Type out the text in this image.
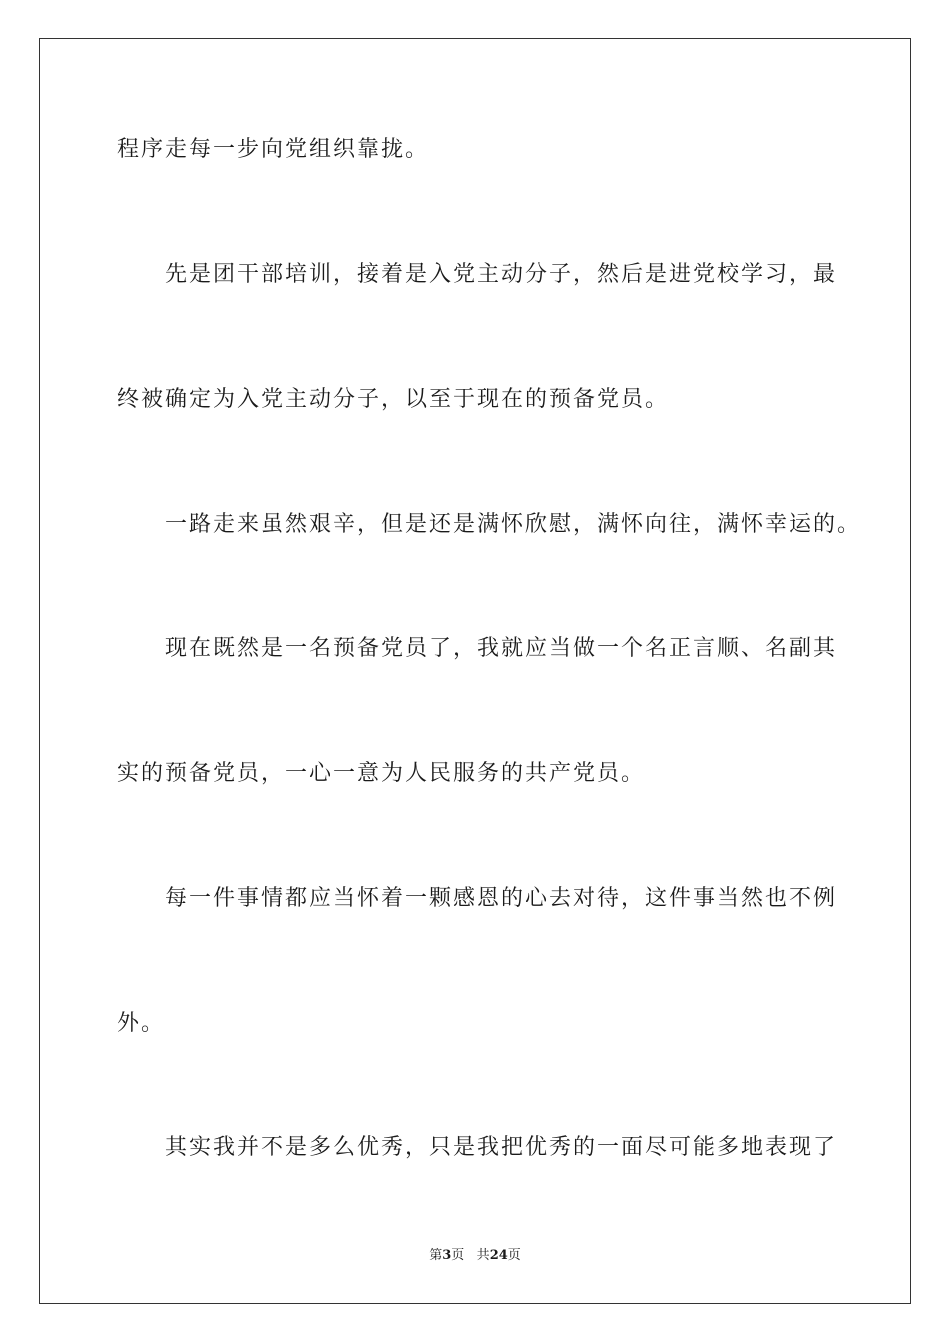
程序走每一步向党组织靠拢。
先是团干部培训，接着是入党主动分子，然后是进党校学习，最
终被确定为入党主动分子，以至于现在的预备党员。
一路走来虽然艰辛，但是还是满怀欣慰，满怀向往，满怀幸运的。
现在既然是一名预备党员了，我就应当做一个名正言顺、名副其
实的预备党员，一心一意为人民服务的共产党员。
每一件事情都应当怀着一颗感恩的心去对待，这件事当然也不例
外。
其实我并不是多么优秀，只是我把优秀的一面尽可能多地表现了
第3页 共24页
